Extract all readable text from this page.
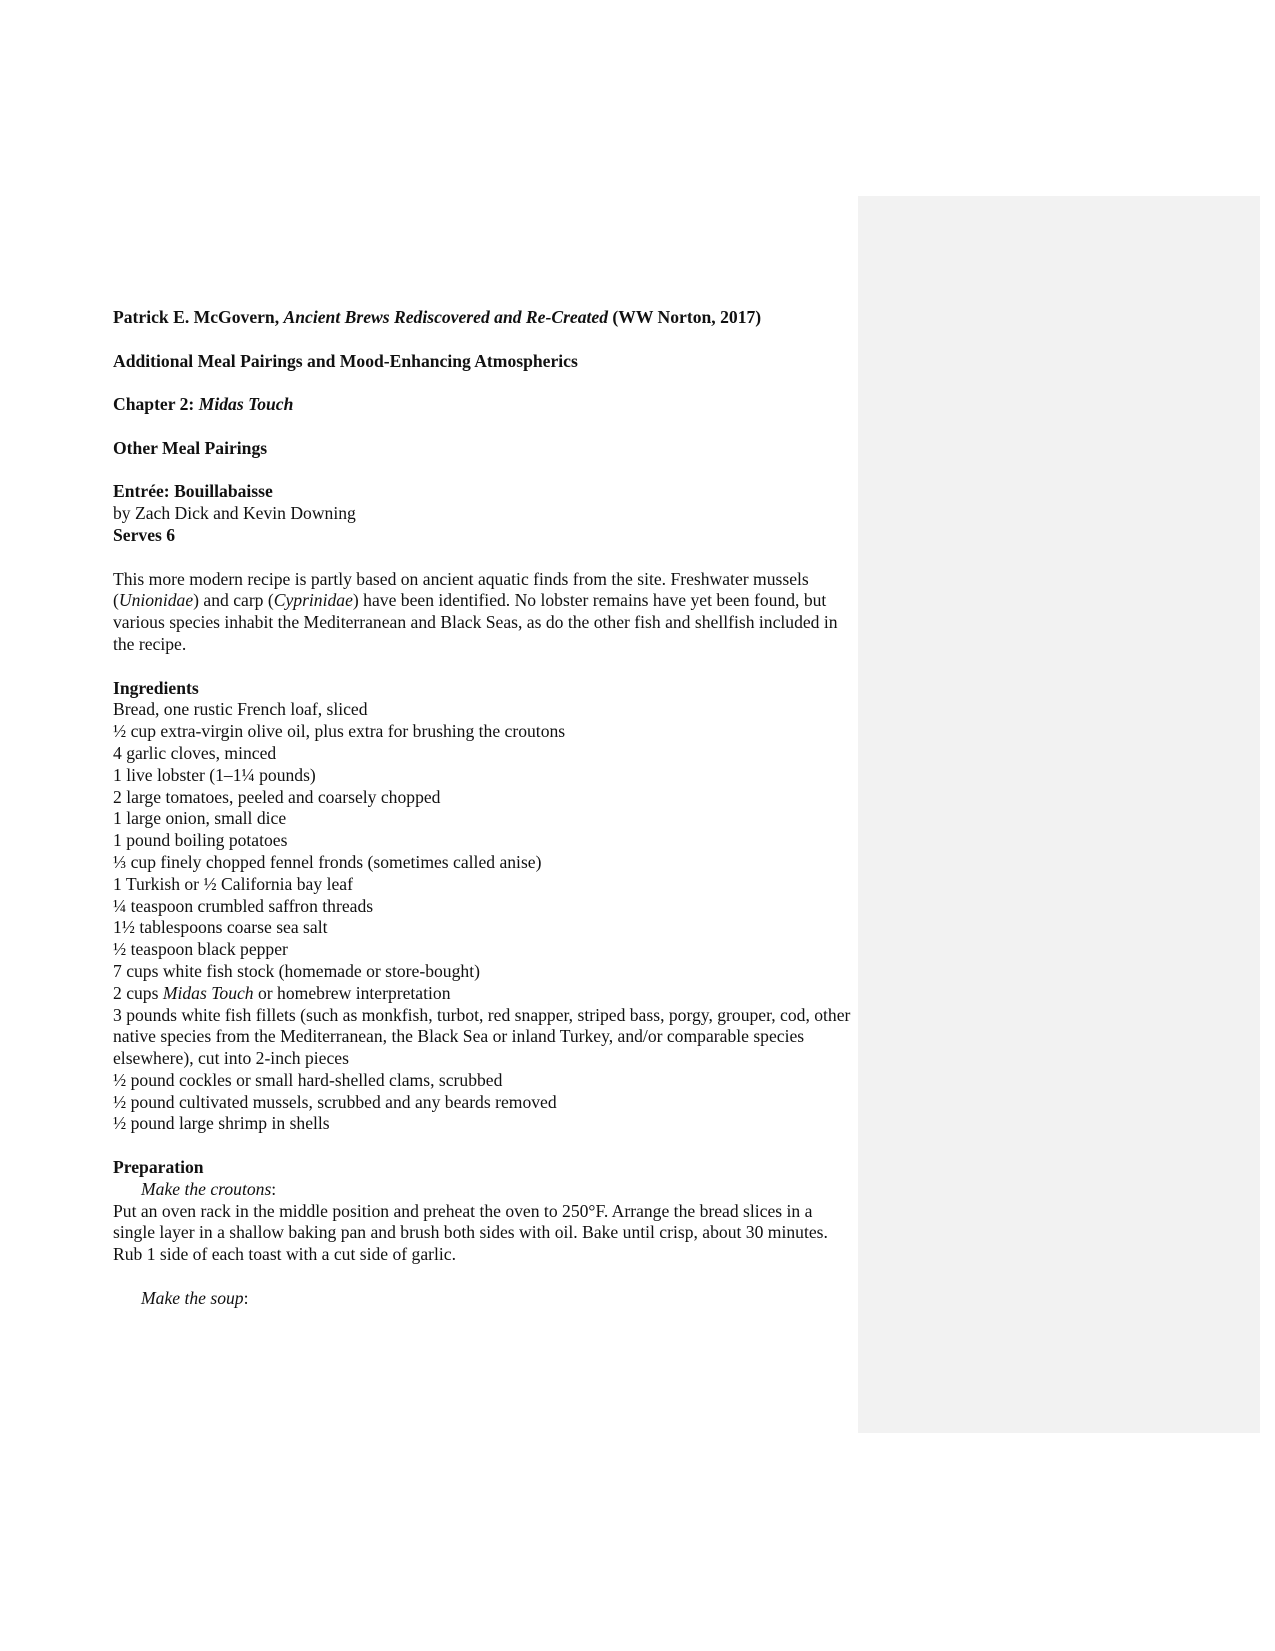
Patrick E. McGovern, Ancient Brews Rediscovered and Re-Created (WW Norton, 2017)

Additional Meal Pairings and Mood-Enhancing Atmospherics

Chapter 2: Midas Touch

Other Meal Pairings

Entrée: Bouillabaisse

by Zach Dick and Kevin Downing

Serves 6

This more modern recipe is partly based on ancient aquatic finds from the site. Freshwater mussels (Unionidae) and carp (Cyprinidae) have been identified. No lobster remains have yet been found, but various species inhabit the Mediterranean and Black Seas, as do the other fish and shellfish included in the recipe.

Ingredients

Bread, one rustic French loaf, sliced
½ cup extra-virgin olive oil, plus extra for brushing the croutons
4 garlic cloves, minced
1 live lobster (1–1¼ pounds)
2 large tomatoes, peeled and coarsely chopped
1 large onion, small dice
1 pound boiling potatoes
⅓ cup finely chopped fennel fronds (sometimes called anise)
1 Turkish or ½ California bay leaf
¼ teaspoon crumbled saffron threads
1½ tablespoons coarse sea salt
½ teaspoon black pepper
7 cups white fish stock (homemade or store-bought)
2 cups Midas Touch or homebrew interpretation
3 pounds white fish fillets (such as monkfish, turbot, red snapper, striped bass, porgy, grouper, cod, other native species from the Mediterranean, the Black Sea or inland Turkey, and/or comparable species elsewhere), cut into 2-inch pieces
½ pound cockles or small hard-shelled clams, scrubbed
½ pound cultivated mussels, scrubbed and any beards removed
½ pound large shrimp in shells

Preparation

Make the croutons:

Put an oven rack in the middle position and preheat the oven to 250°F. Arrange the bread slices in a single layer in a shallow baking pan and brush both sides with oil. Bake until crisp, about 30 minutes. Rub 1 side of each toast with a cut side of garlic.

Make the soup:
